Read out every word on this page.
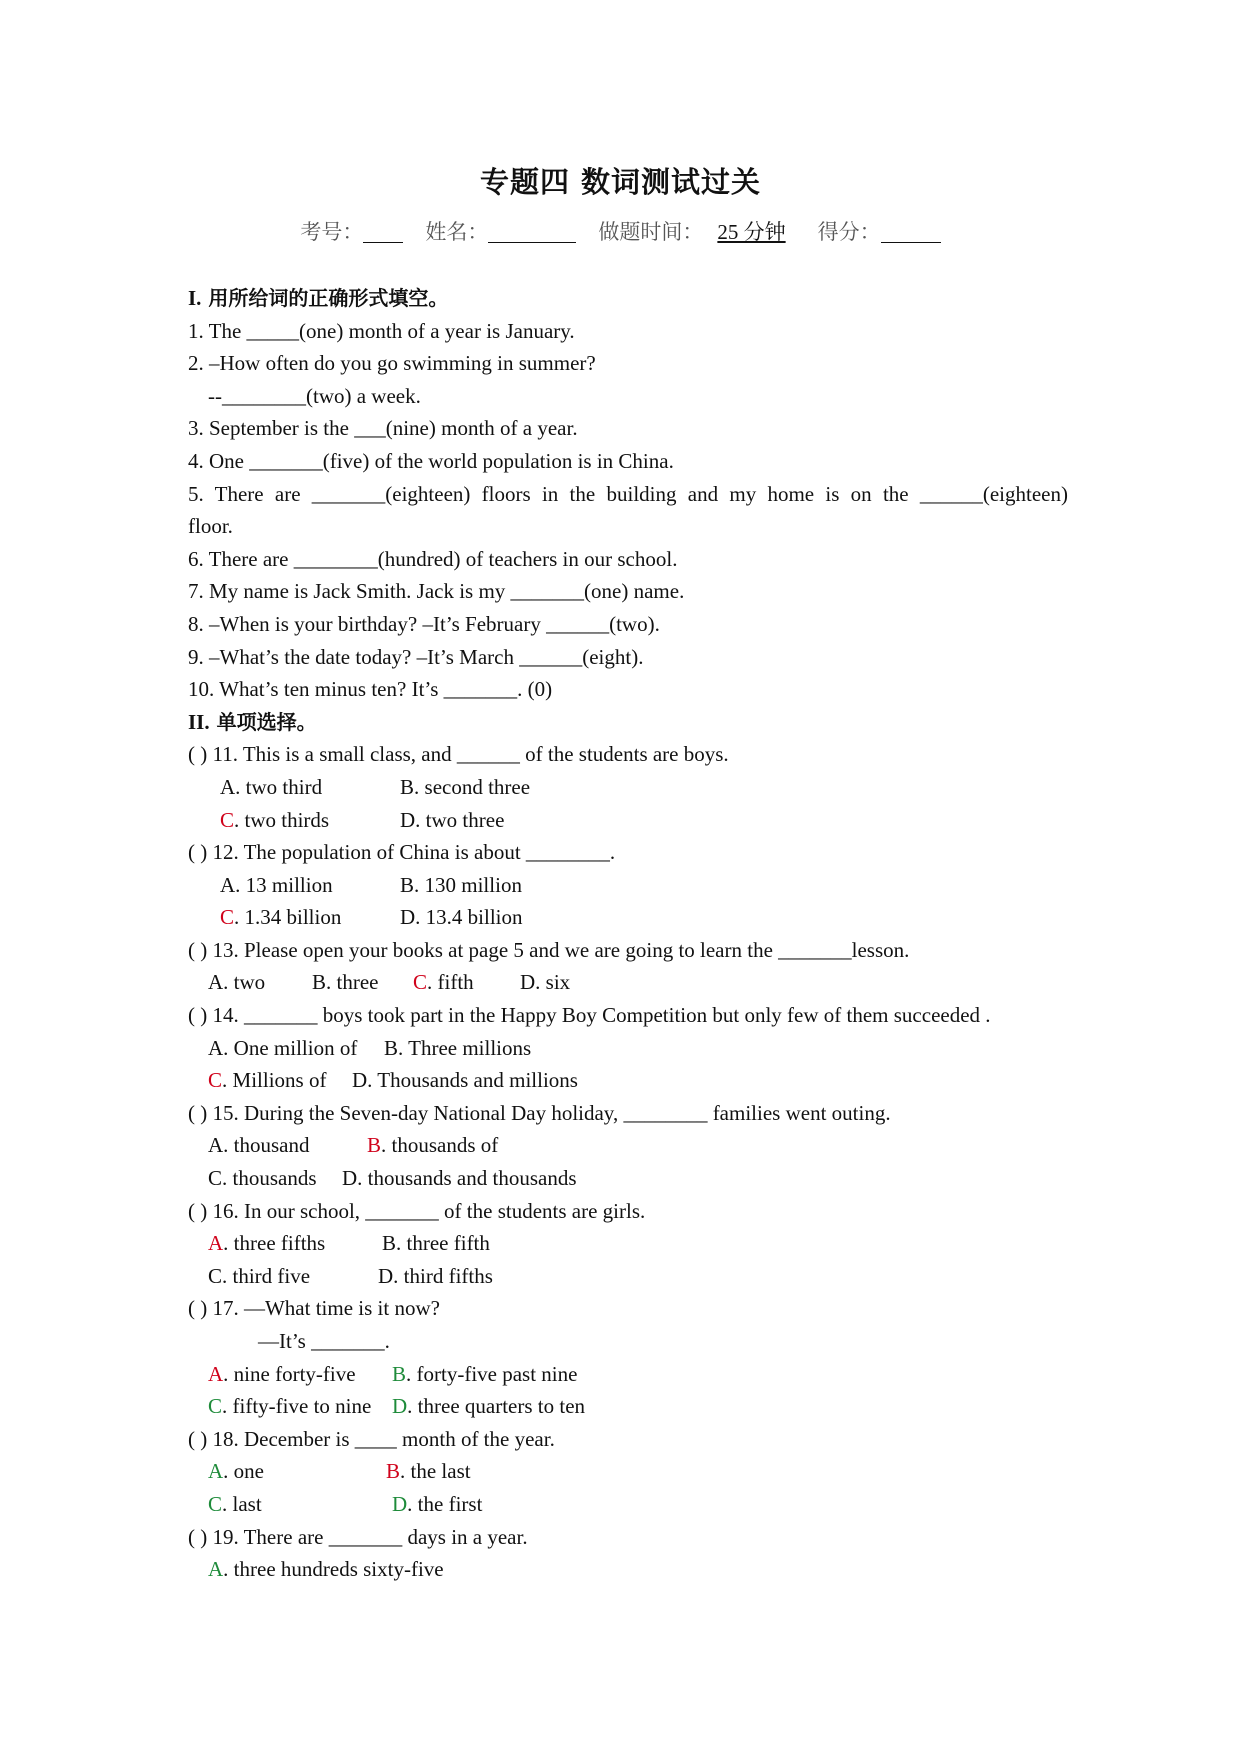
专题四 数词测试过关
考号：	姓名：	做题时间： 25 分钟 得分：
I. 用所给词的正确形式填空。
1. The _____(one) month of a year is January.
2. –How often do you go swimming in summer?
--________(two) a week.
3. September is the ___(nine) month of a year.
4. One _______(five) of the world population is in China.
5. There are _______(eighteen) floors in the building and my home is on the ______(eighteen)
floor.
6. There are ________(hundred) of teachers in our school.
7. My name is Jack Smith. Jack is my _______(one) name.
8. –When is your birthday? –It’s February ______(two).
9. –What’s the date today? –It’s March ______(eight).
10. What’s ten minus ten? It’s _______. (0)
II. 单项选择。
( ) 11. This is a small class, and ______ of the students are boys.
A. two third	B. second three
C. two thirds	D. two three
( ) 12. The population of China is about ________.
A. 13 million	B. 130 million
C. 1.34 billion	D. 13.4 billion
( ) 13. Please open your books at page 5 and we are going to learn the _______lesson.
A. two B. three C. fifth D. six
( ) 14. _______ boys took part in the Happy Boy Competition but only few of them succeeded .
A. One million of B. Three millions
C. Millions of D. Thousands and millions
( ) 15. During the Seven-day National Day holiday, ________ families went outing.
A. thousand	B. thousands of
C. thousands D. thousands and thousands
( ) 16. In our school, _______ of the students are girls.
A. three fifths	B. three fifth
C. third five	D. third fifths
( ) 17. —What time is it now?
—It’s _______.
A. nine forty-five B. forty-five past nine
C. fifty-five to nine D. three quarters to ten
( ) 18. December is ____ month of the year.
A. one	B. the last
C. last	D. the first
( ) 19. There are _______ days in a year.
A. three hundreds sixty-five
